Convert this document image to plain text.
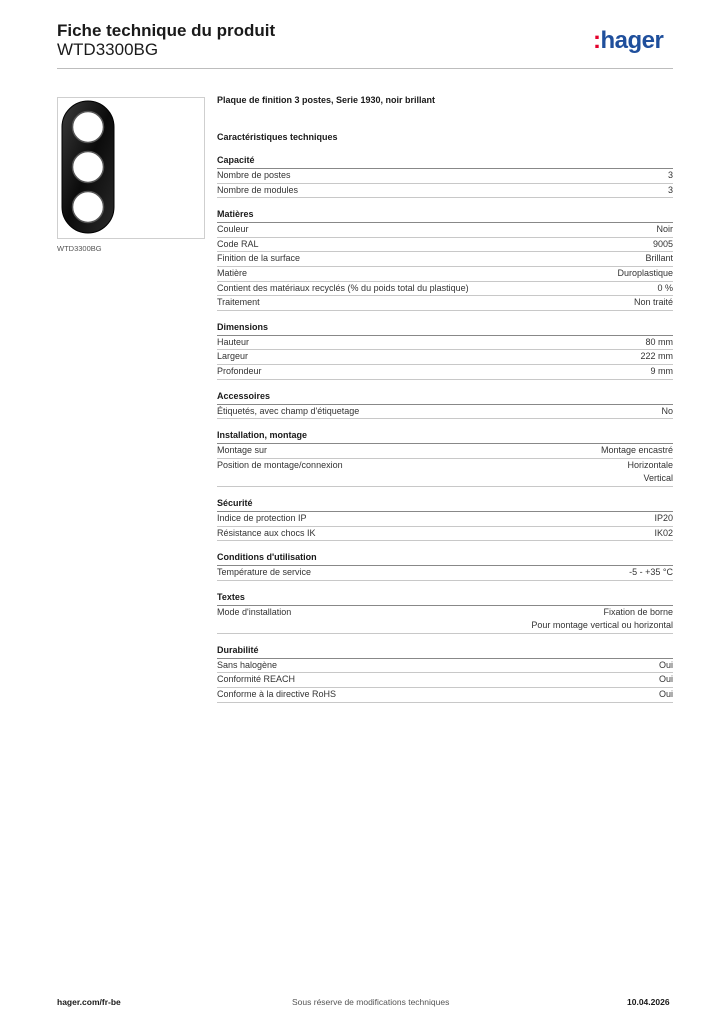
Fiche technique du produit
WTD3300BG	:hager
WTD3300BG

Plaque de finition 3 postes, Serie 1930, noir brillant

Caractéristiques techniques

Capacité
Nombre de postes	3
Nombre de modules	3
Matières
Couleur	Noir
Code RAL	9005
Finition de la surface	Brillant
Matière	Duroplastique
Contient des matériaux recyclés (% du poids total du plastique)	0 %
Traitement	Non traité
Dimensions
Hauteur	80 mm
Largeur	222 mm
Profondeur	9 mm
Accessoires
Étiquetés, avec champ d'étiquetage	No
Installation, montage
Montage sur	Montage encastré
Position de montage/connexion	Horizontale
Vertical
Sécurité
Indice de protection IP	IP20
Résistance aux chocs IK	IK02
Conditions d'utilisation
Température de service	-5 - +35 °C
Textes
Mode d'installation	Fixation de borne
Pour montage vertical ou horizontal
Durabilité
Sans halogène	Oui
Conformité REACH	Oui
Conforme à la directive RoHS	Oui
hager.com/fr-be	Sous réserve de modifications techniques	10.04.2026
